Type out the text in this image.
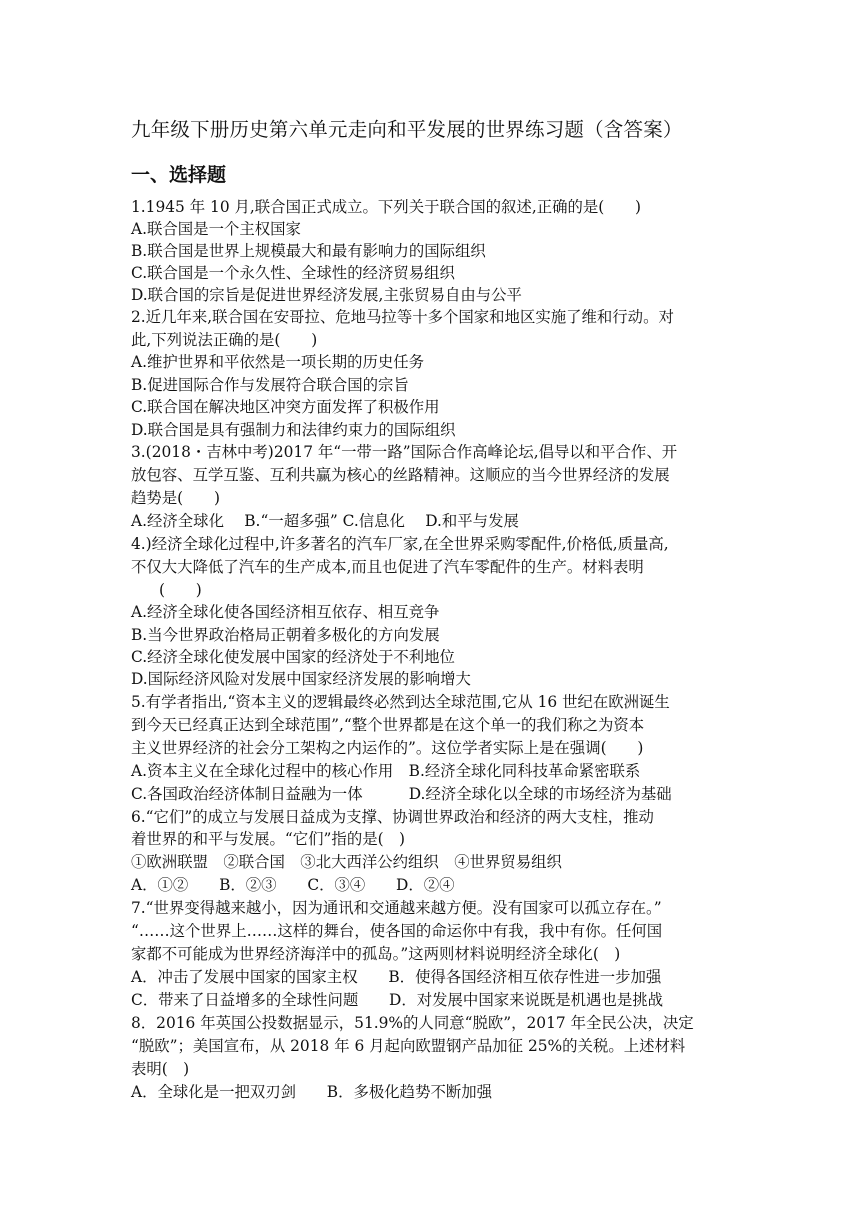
九年级下册历史第六单元走向和平发展的世界练习题（含答案）
一、选择题
1.1945 年 10 月,联合国正式成立。下列关于联合国的叙述,正确的是(　　)
A.联合国是一个主权国家
B.联合国是世界上规模最大和最有影响力的国际组织
C.联合国是一个永久性、全球性的经济贸易组织
D.联合国的宗旨是促进世界经济发展,主张贸易自由与公平
2.近几年来,联合国在安哥拉、危地马拉等十多个国家和地区实施了维和行动。对
此,下列说法正确的是(　　)
A.维护世界和平依然是一项长期的历史任务
B.促进国际合作与发展符合联合国的宗旨
C.联合国在解决地区冲突方面发挥了积极作用
D.联合国是具有强制力和法律约束力的国际组织
3.(2018・吉林中考)2017 年“一带一路”国际合作高峰论坛,倡导以和平合作、开
放包容、互学互鉴、互利共赢为核心的丝路精神。这顺应的当今世界经济的发展
趋势是(　　)
A.经济全球化　 B.“一超多强” C.信息化　 D.和平与发展
4.)经济全球化过程中,许多著名的汽车厂家,在全世界采购零配件,价格低,质量高,
不仅大大降低了汽车的生产成本,而且也促进了汽车零配件的生产。材料表明
(　　)
A.经济全球化使各国经济相互依存、相互竞争
B.当今世界政治格局正朝着多极化的方向发展
C.经济全球化使发展中国家的经济处于不利地位
D.国际经济风险对发展中国家经济发展的影响增大
5.有学者指出,“资本主义的逻辑最终必然到达全球范围,它从 16 世纪在欧洲诞生
到今天已经真正达到全球范围”,“整个世界都是在这个单一的我们称之为资本
主义世界经济的社会分工架构之内运作的”。这位学者实际上是在强调(　　)
A.资本主义在全球化过程中的核心作用　B.经济全球化同科技革命紧密联系
C.各国政治经济体制日益融为一体　　　D.经济全球化以全球的市场经济为基础
6.“它们”的成立与发展日益成为支撑、协调世界政治和经济的两大支柱，推动
着世界的和平与发展。“它们”指的是(　)
①欧洲联盟　②联合国　③北大西洋公约组织　④世界贸易组织
A．①②　　B．②③　　C．③④　　D．②④
7.“世界变得越来越小，因为通讯和交通越来越方便。没有国家可以孤立存在。”
“……这个世界上……这样的舞台，使各国的命运你中有我，我中有你。任何国
家都不可能成为世界经济海洋中的孤岛。”这两则材料说明经济全球化(　)
A．冲击了发展中国家的国家主权　　B．使得各国经济相互依存性进一步加强
C．带来了日益增多的全球性问题　　D．对发展中国家来说既是机遇也是挑战
8．2016 年英国公投数据显示，51.9%的人同意“脱欧”，2017 年全民公决，决定
“脱欧”；美国宣布，从 2018 年 6 月起向欧盟钢产品加征 25%的关税。上述材料
表明(　)
A．全球化是一把双刃剑　　B．多极化趋势不断加强
